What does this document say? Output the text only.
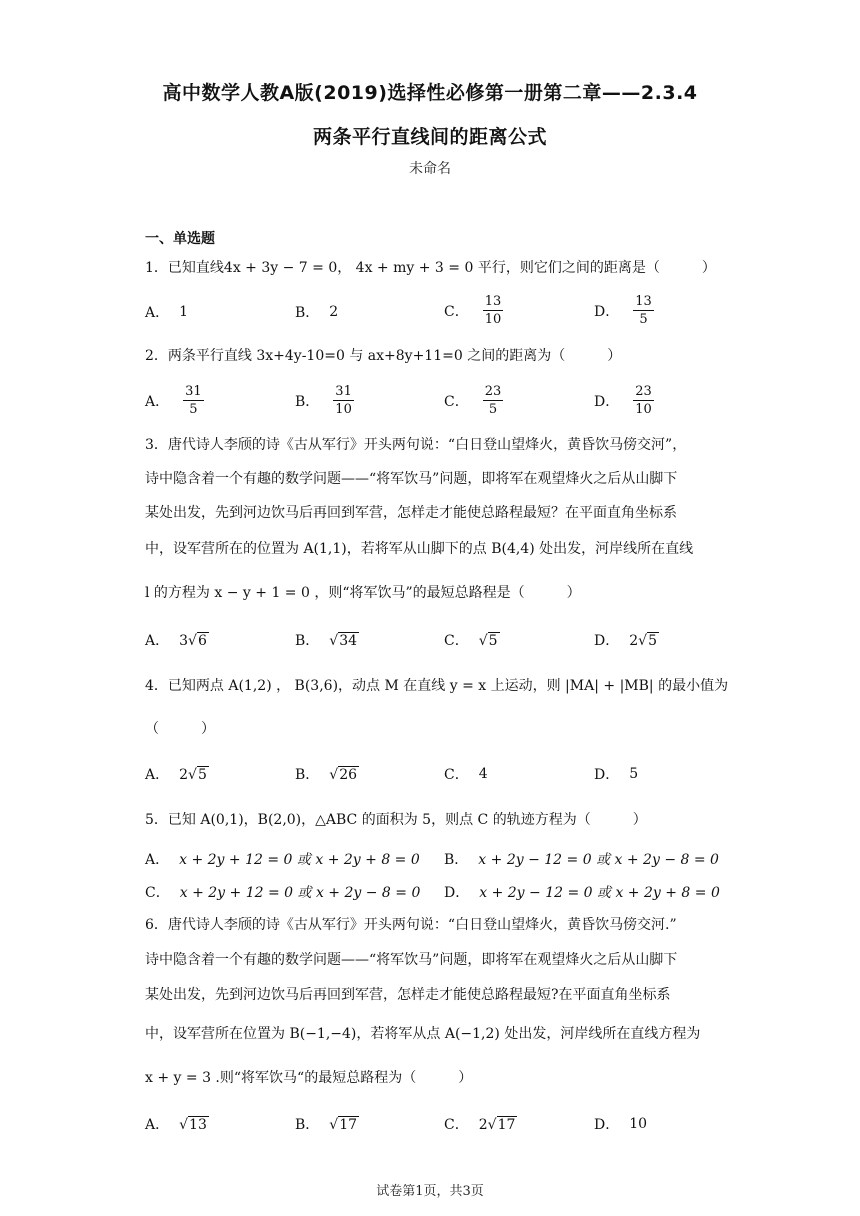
高中数学人教A版(2019)选择性必修第一册第二章——2.3.4
两条平行直线间的距离公式
未命名
一、单选题
1．已知直线4x + 3y − 7 = 0， 4x + my + 3 = 0 平行，则它们之间的距离是（　　　）
A． 1	B． 2	C． $\frac{13}{10}$	D． $\frac{13}{5}$
2．两条平行直线 3x+4y-10=0 与 ax+8y+11=0 之间的距离为（　　　）
A． $\frac{31}{5}$	B． $\frac{31}{10}$	C． $\frac{23}{5}$	D． $\frac{23}{10}$
3．唐代诗人李颀的诗《古从军行》开头两句说：“白日登山望烽火，黄昏饮马傍交河”，
诗中隐含着一个有趣的数学问题——“将军饮马”问题，即将军在观望烽火之后从山脚下
某处出发，先到河边饮马后再回到军营，怎样走才能使总路程最短？在平面直角坐标系
中，设军营所在的位置为 A(1,1)，若将军从山脚下的点 B(4,4) 处出发，河岸线所在直线
l 的方程为 x − y + 1 = 0 ，则“将军饮马”的最短总路程是（　　　）
A． 3 √ 6	B． √ 34	C． √ 5	D． 2 √ 5
4．已知两点 A(1,2) ， B(3,6)，动点 M 在直线 y = x 上运动，则 |MA| + |MB| 的最小值为
（　　　）
A． 2 √ 5	B． √ 26	C． 4	D． 5
5．已知 A(0,1)，B(2,0)，△ABC 的面积为 5，则点 C 的轨迹方程为（　　　）
A． x + 2y + 12 = 0 或 x + 2y + 8 = 0 B． x + 2y − 12 = 0 或 x + 2y − 8 = 0
C． x + 2y + 12 = 0 或 x + 2y − 8 = 0 D． x + 2y − 12 = 0 或 x + 2y + 8 = 0
6．唐代诗人李颀的诗《古从军行》开头两句说：“白日登山望烽火，黄昏饮马傍交河.”
诗中隐含着一个有趣的数学问题——“将军饮马”问题，即将军在观望烽火之后从山脚下
某处出发，先到河边饮马后再回到军营，怎样走才能使总路程最短?在平面直角坐标系
中，设军营所在位置为 B(−1,−4)，若将军从点 A(−1,2) 处出发，河岸线所在直线方程为
x + y = 3 .则“将军饮马“的最短总路程为（　　　）
A． √ 13	B． √ 17	C． 2 √ 17	D． 10
试卷第1页，共3页
